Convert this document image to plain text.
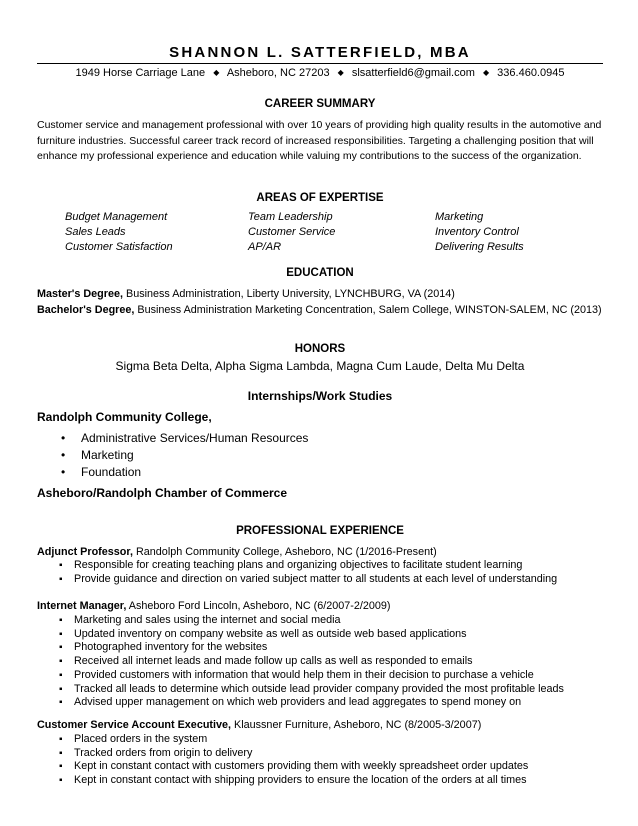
SHANNON L. SATTERFIELD, MBA
1949 Horse Carriage Lane ◆ Asheboro, NC 27203 ◆ slsatterfield6@gmail.com ◆ 336.460.0945
CAREER SUMMARY
Customer service and management professional with over 10 years of providing high quality results in the automotive and furniture industries. Successful career track record of increased responsibilities. Targeting a challenging position that will enhance my professional experience and education while valuing my contributions to the success of the organization.
AREAS OF EXPERTISE
Budget Management
Sales Leads
Customer Satisfaction
Team Leadership
Customer Service
AP/AR
Marketing
Inventory Control
Delivering Results
EDUCATION
Master's Degree, Business Administration, Liberty University, LYNCHBURG, VA (2014)
Bachelor's Degree, Business Administration Marketing Concentration, Salem College, WINSTON-SALEM, NC (2013)
HONORS
Sigma Beta Delta, Alpha Sigma Lambda, Magna Cum Laude, Delta Mu Delta
Internships/Work Studies
Randolph Community College,
• Administrative Services/Human Resources
• Marketing
• Foundation
Asheboro/Randolph Chamber of Commerce
PROFESSIONAL EXPERIENCE
Adjunct Professor, Randolph Community College, Asheboro, NC (1/2016-Present)
▪ Responsible for creating teaching plans and organizing objectives to facilitate student learning
▪ Provide guidance and direction on varied subject matter to all students at each level of understanding
Internet Manager, Asheboro Ford Lincoln, Asheboro, NC (6/2007-2/2009)
▪ Marketing and sales using the internet and social media
▪ Updated inventory on company website as well as outside web based applications
▪ Photographed inventory for the websites
▪ Received all internet leads and made follow up calls as well as responded to emails
▪ Provided customers with information that would help them in their decision to purchase a vehicle
▪ Tracked all leads to determine which outside lead provider company provided the most profitable leads
▪ Advised upper management on which web providers and lead aggregates to spend money on
Customer Service Account Executive, Klaussner Furniture, Asheboro, NC (8/2005-3/2007)
▪ Placed orders in the system
▪ Tracked orders from origin to delivery
▪ Kept in constant contact with customers providing them with weekly spreadsheet order updates
▪ Kept in constant contact with shipping providers to ensure the location of the orders at all times
